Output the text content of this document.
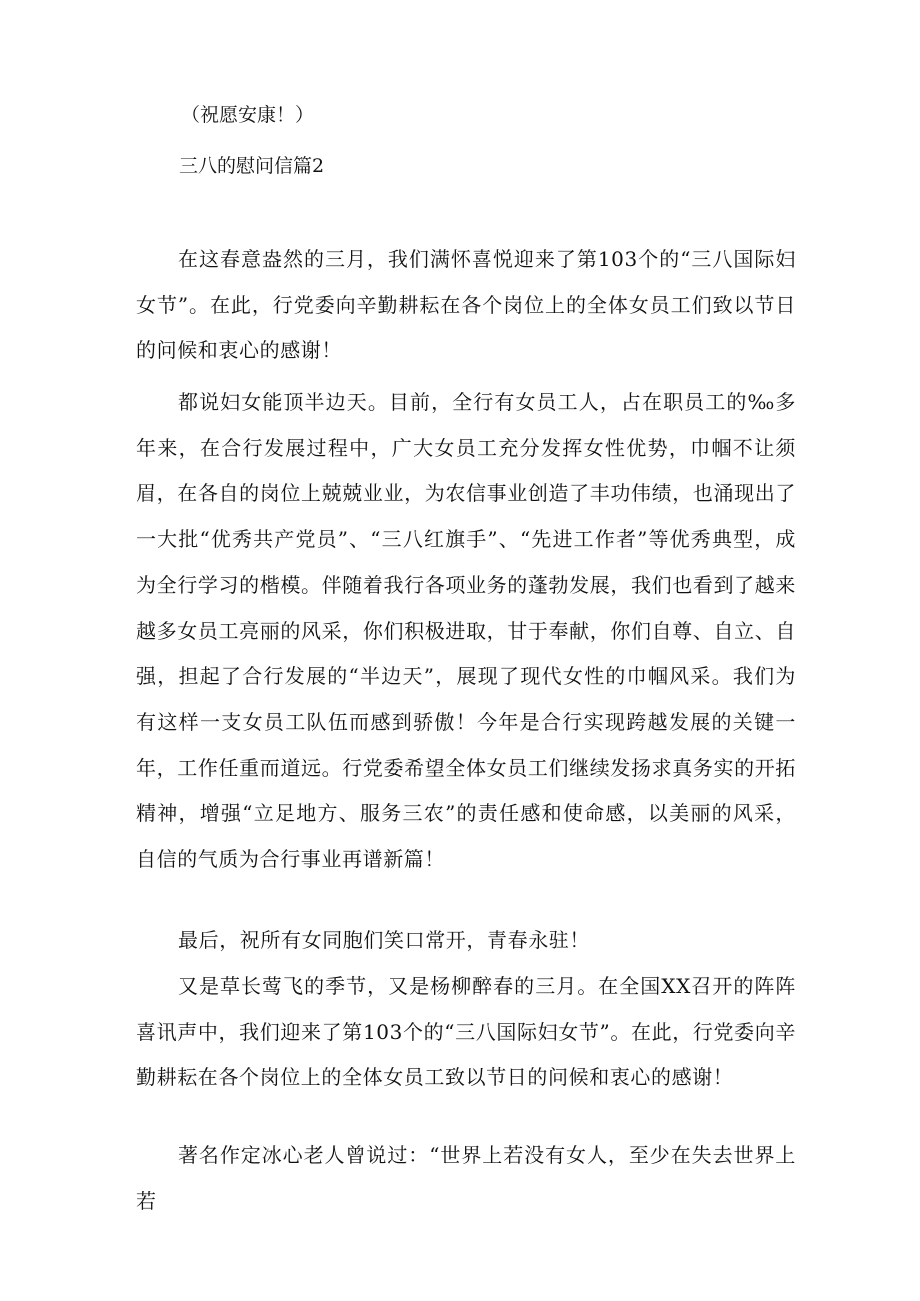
（祝愿安康！）

三八的慰问信篇2

在这春意盎然的三月，我们满怀喜悦迎来了第103个的“三八国际妇女节”。在此，行党委向辛勤耕耘在各个岗位上的全体女员工们致以节日的问候和衷心的感谢！

都说妇女能顶半边天。目前，全行有女员工人，占在职员工的‰多年来，在合行发展过程中，广大女员工充分发挥女性优势，巾帼不让须眉，在各自的岗位上兢兢业业，为农信事业创造了丰功伟绩，也涌现出了一大批“优秀共产党员”、“三八红旗手”、“先进工作者”等优秀典型，成为全行学习的楷模。伴随着我行各项业务的蓬勃发展，我们也看到了越来越多女员工亮丽的风采，你们积极进取，甘于奉献，你们自尊、自立、自强，担起了合行发展的“半边天”，展现了现代女性的巾帼风采。我们为有这样一支女员工队伍而感到骄傲！今年是合行实现跨越发展的关键一年，工作任重而道远。行党委希望全体女员工们继续发扬求真务实的开拓精神，增强“立足地方、服务三农”的责任感和使命感，以美丽的风采，自信的气质为合行事业再谱新篇！

最后，祝所有女同胞们笑口常开，青春永驻！

又是草长莺飞的季节，又是杨柳醉春的三月。在全国XX召开的阵阵喜讯声中，我们迎来了第103个的“三八国际妇女节”。在此，行党委向辛勤耕耘在各个岗位上的全体女员工致以节日的问候和衷心的感谢！

著名作定冰心老人曾说过：“世界上若没有女人，至少在失去世界上若
